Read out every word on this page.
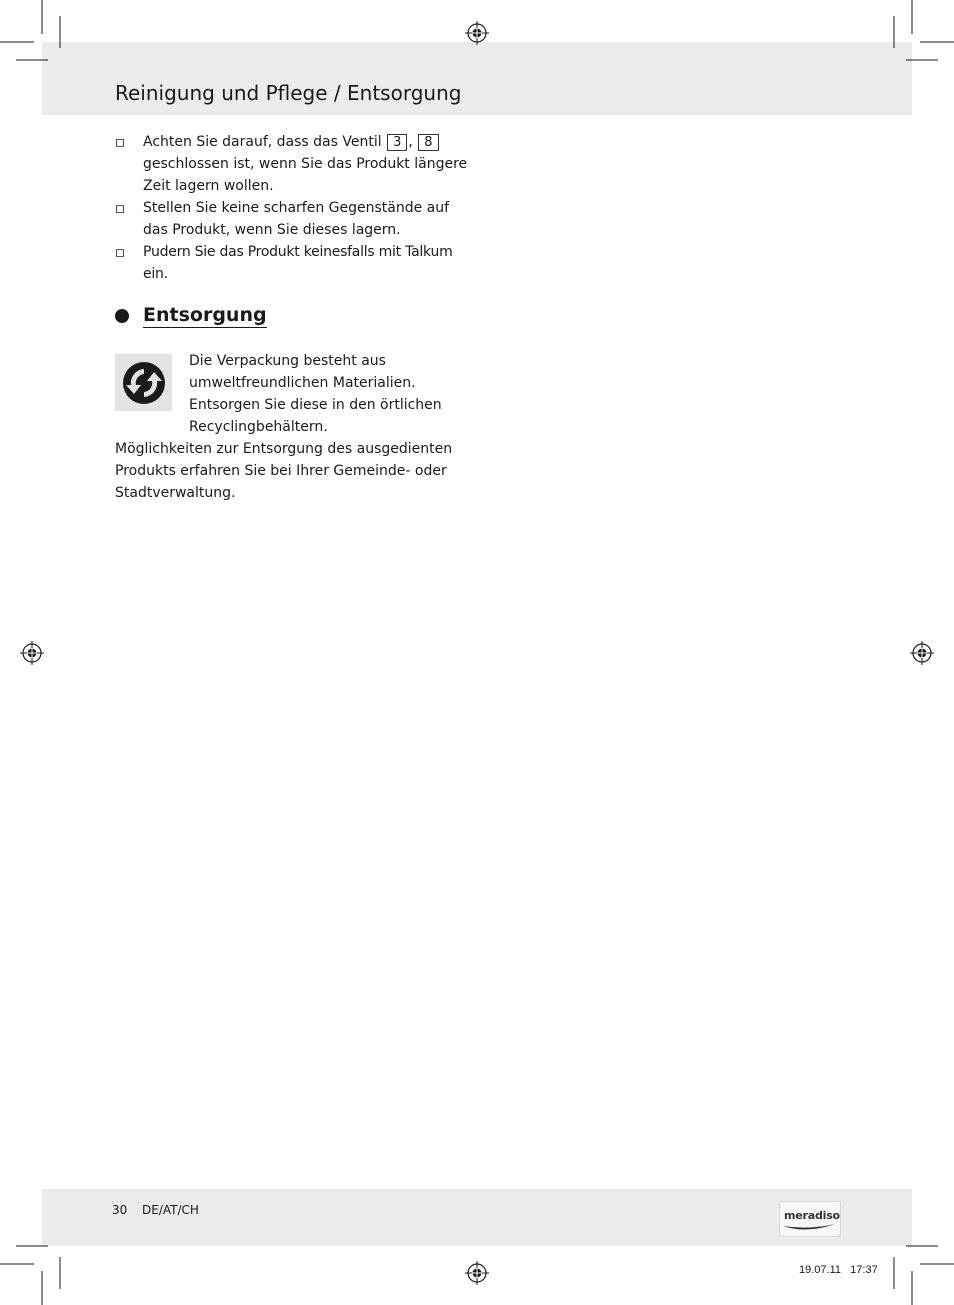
Reinigung und Pflege / Entsorgung
Achten Sie darauf, dass das Ventil 3 , 8 geschlossen ist, wenn Sie das Produkt längere Zeit lagern wollen.
Stellen Sie keine scharfen Gegenstände auf das Produkt, wenn Sie dieses lagern.
Pudern Sie das Produkt keinesfalls mit Talkum ein.
Entsorgung
Die Verpackung besteht aus umweltfreundlichen Materialien. Entsorgen Sie diese in den örtlichen Recyclingbehältern.
Möglichkeiten zur Entsorgung des ausgedienten Produkts erfahren Sie bei Ihrer Gemeinde- oder Stadtverwaltung.
30 DE/AT/CH	meradiso
19.07.11   17:37
